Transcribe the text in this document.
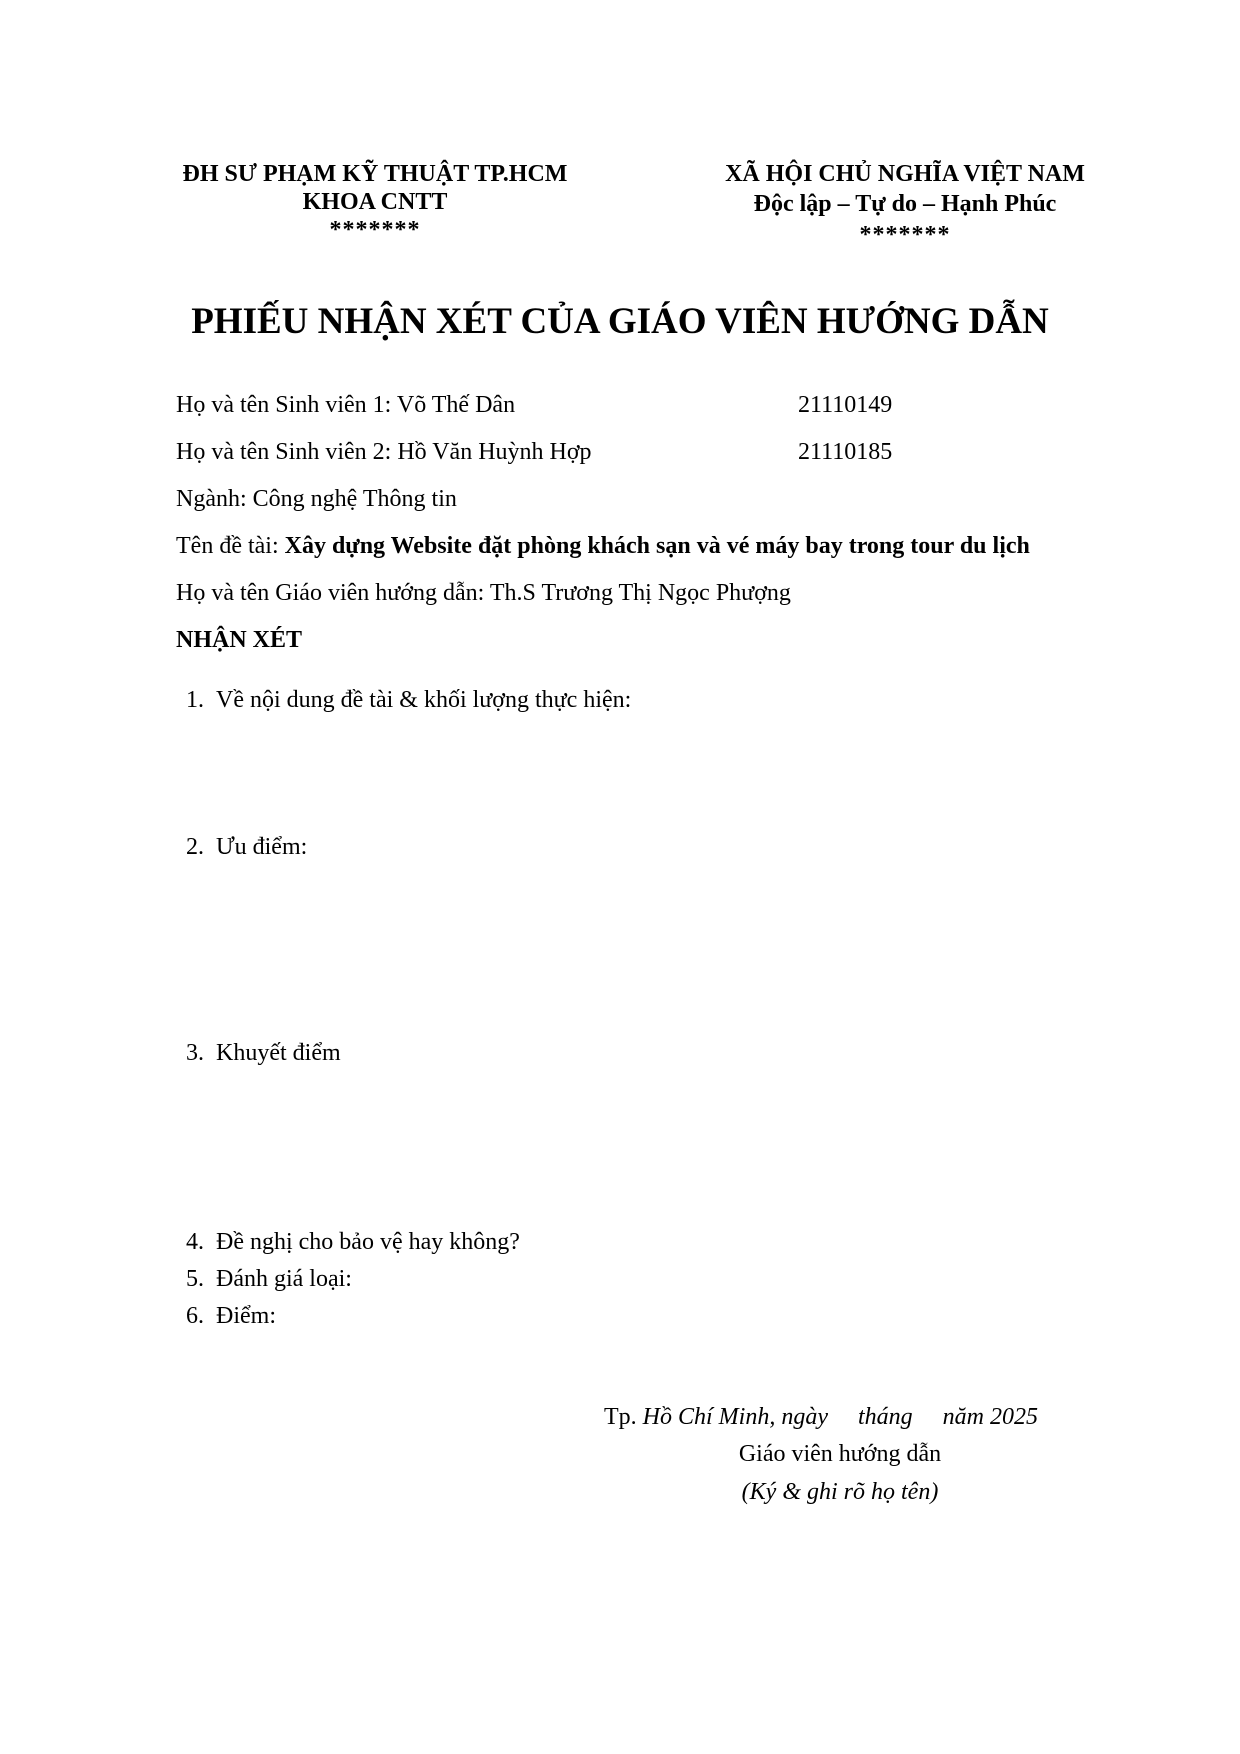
ĐH SƯ PHẠM KỸ THUẬT TP.HCM
KHOA CNTT
*******
XÃ HỘI CHỦ NGHĨA VIỆT NAM
Độc lập – Tự do – Hạnh Phúc
*******
PHIẾU NHẬN XÉT CỦA GIÁO VIÊN HƯỚNG DẪN
Họ và tên Sinh viên 1: Võ Thế Dân	21110149
Họ và tên Sinh viên 2: Hồ Văn Huỳnh Hợp	21110185
Ngành: Công nghệ Thông tin
Tên đề tài: Xây dựng Website đặt phòng khách sạn và vé máy bay trong tour du lịch
Họ và tên Giáo viên hướng dẫn: Th.S Trương Thị Ngọc Phượng
NHẬN XÉT
1. Về nội dung đề tài & khối lượng thực hiện:
2. Ưu điểm:
3. Khuyết điểm
4. Đề nghị cho bảo vệ hay không?
5. Đánh giá loại:
6. Điểm:
Tp. Hồ Chí Minh, ngày     tháng     năm 2025
Giáo viên hướng dẫn
(Ký & ghi rõ họ tên)
